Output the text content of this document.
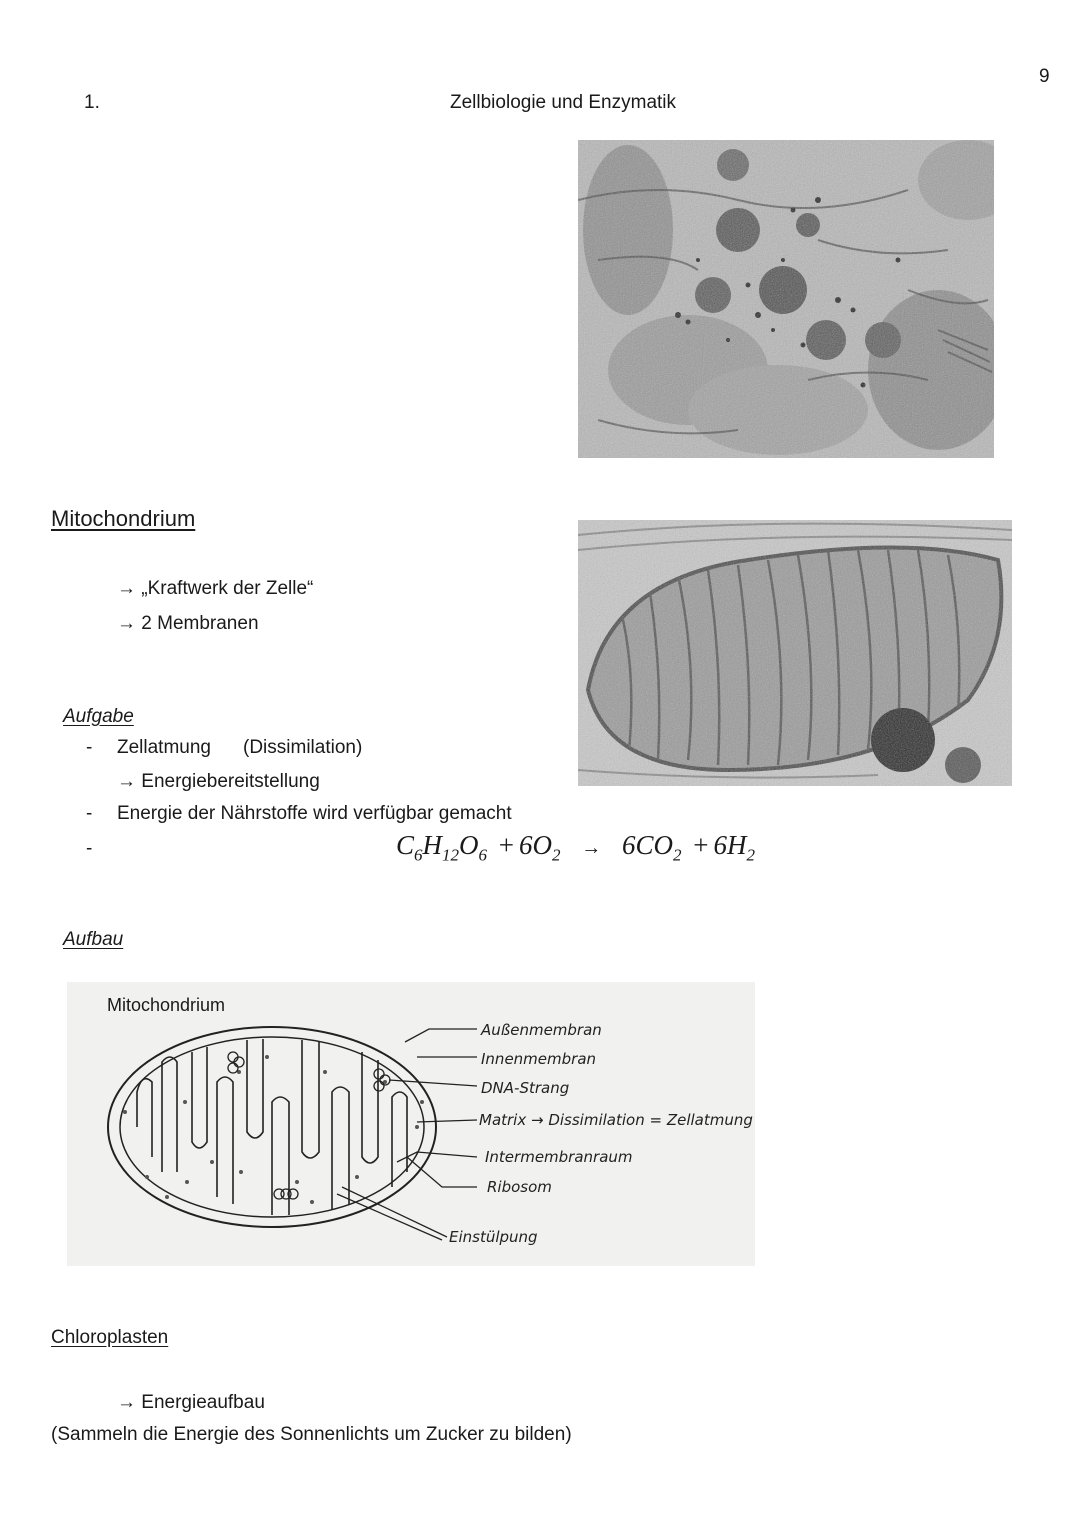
9
1.	Zellbiologie und Enzymatik
Mitochondrium
→ „Kraftwerk der Zelle“
→ 2 Membranen
Aufgabe
- Zellatmung (Dissimilation)
→ Energiebereitstellung
- Energie der Nährstoffe wird verfügbar gemacht
-	$C_6H_{12}O_6 + 6O_2 \to 6CO_2 + 6H_2$
Aufbau
Mitochondrium
Außenmembran
Innenmembran
DNA-Strang
Matrix → Dissimilation = Zellatmung
Intermembranraum
Ribosom
Einstülpung
Chloroplasten
→ Energieaufbau
(Sammeln die Energie des Sonnenlichts um Zucker zu bilden)
